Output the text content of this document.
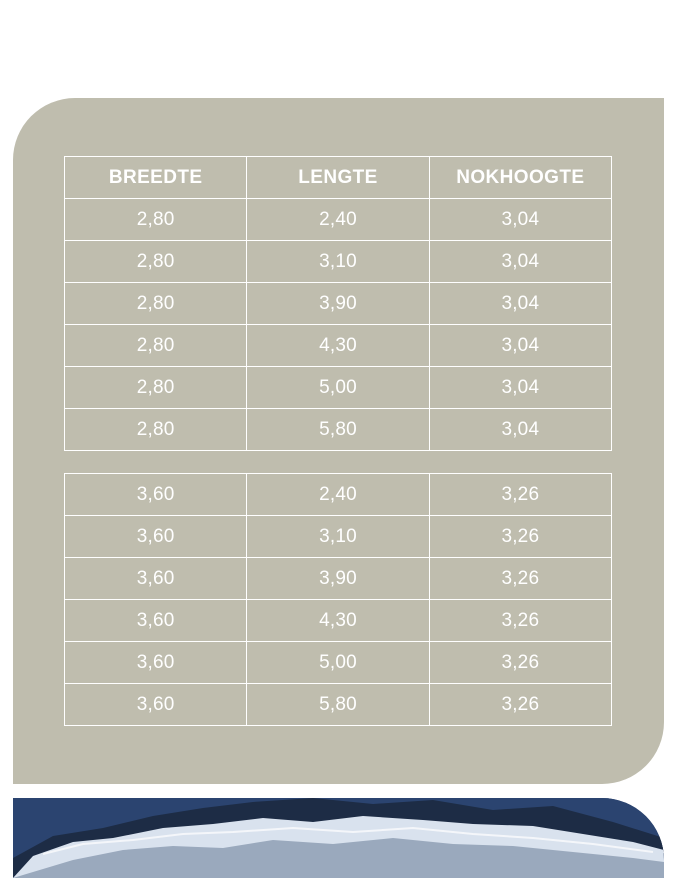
BREEDTE	LENGTE	NOKHOOGTE
2,80	2,40	3,04
2,80	3,10	3,04
2,80	3,90	3,04
2,80	4,30	3,04
2,80	5,00	3,04
2,80	5,80	3,04
3,60	2,40	3,26
3,60	3,10	3,26
3,60	3,90	3,26
3,60	4,30	3,26
3,60	5,00	3,26
3,60	5,80	3,26
